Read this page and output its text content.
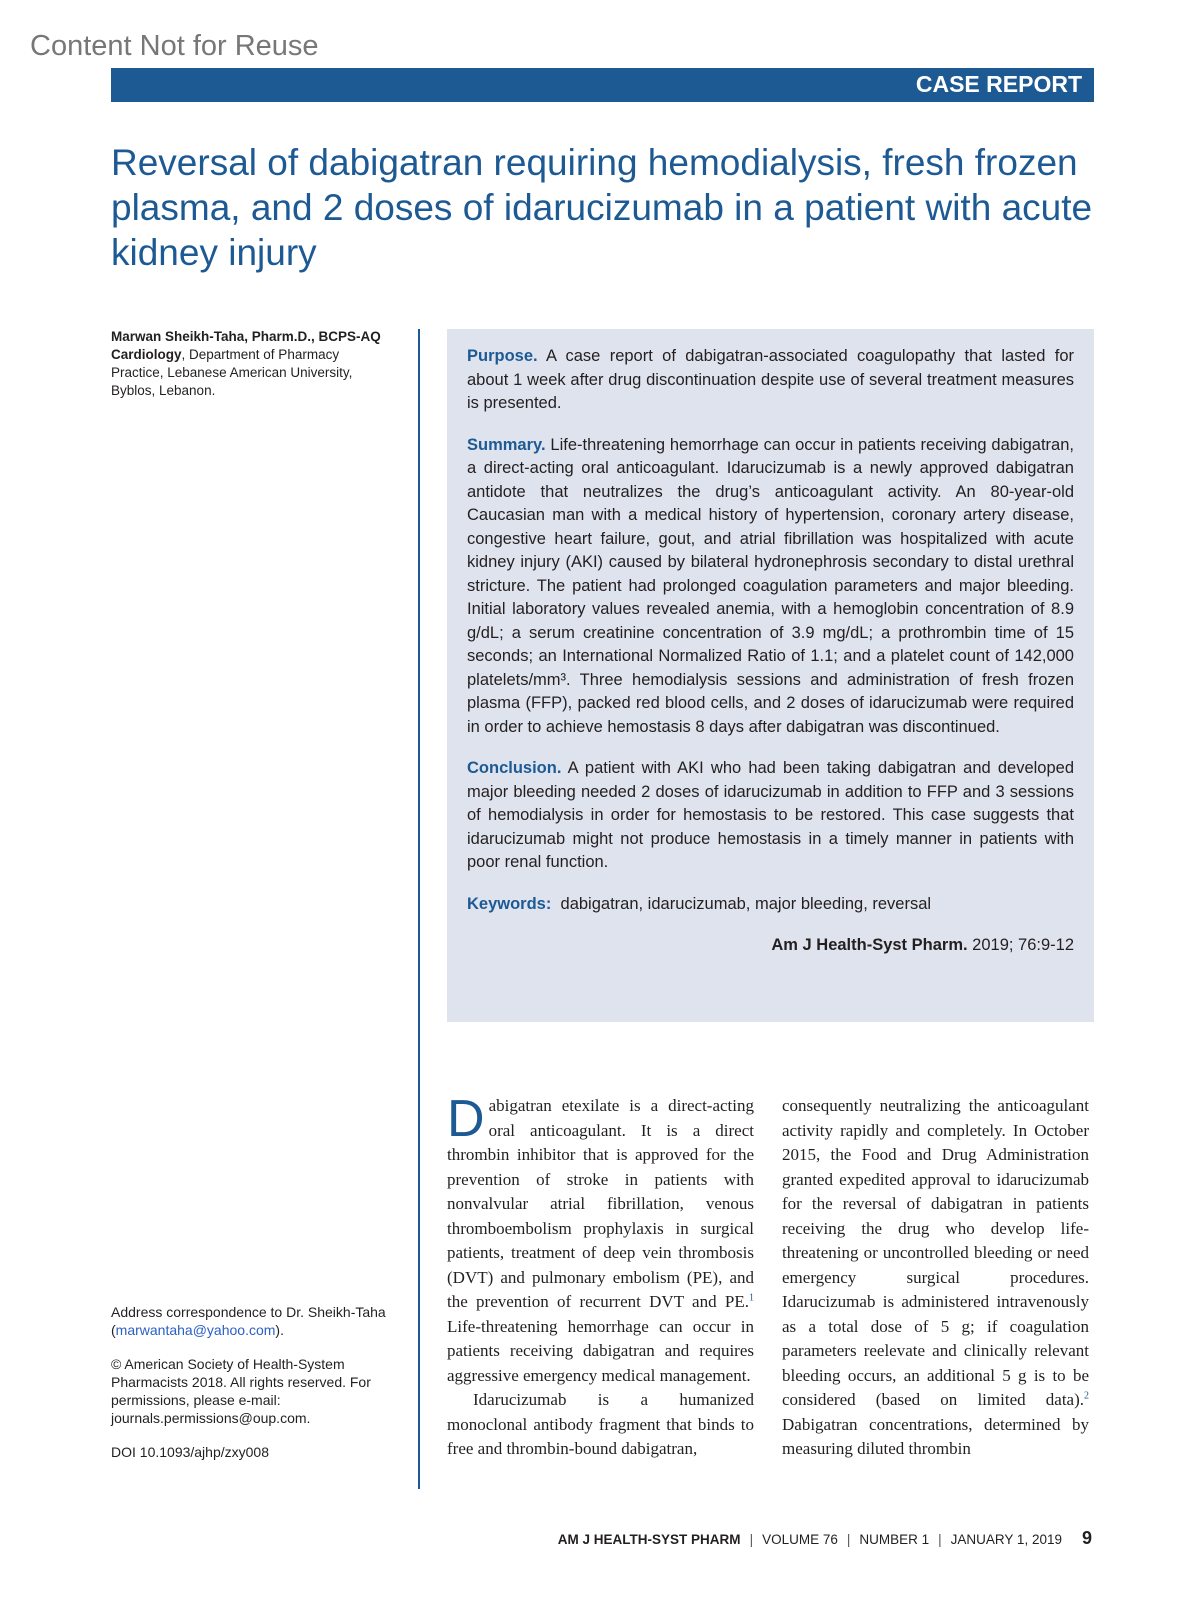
Content Not for Reuse
CASE REPORT
Reversal of dabigatran requiring hemodialysis, fresh frozen plasma, and 2 doses of idarucizumab in a patient with acute kidney injury
Marwan Sheikh-Taha, Pharm.D., BCPS-AQ Cardiology, Department of Pharmacy Practice, Lebanese American University, Byblos, Lebanon.

Purpose. A case report of dabigatran-associated coagulopathy that lasted for about 1 week after drug discontinuation despite use of several treatment measures is presented.

Summary. Life-threatening hemorrhage can occur in patients receiving dabigatran, a direct-acting oral anticoagulant. Idarucizumab is a newly approved dabigatran antidote that neutralizes the drug’s anticoagulant activity. An 80-year-old Caucasian man with a medical history of hypertension, coronary artery disease, congestive heart failure, gout, and atrial fibrillation was hospitalized with acute kidney injury (AKI) caused by bilateral hydronephrosis secondary to distal urethral stricture. The patient had prolonged coagulation parameters and major bleeding. Initial laboratory values revealed anemia, with a hemoglobin concentration of 8.9 g/dL; a serum creatinine concentration of 3.9 mg/dL; a prothrombin time of 15 seconds; an International Normalized Ratio of 1.1; and a platelet count of 142,000 platelets/mm³. Three hemodialysis sessions and administration of fresh frozen plasma (FFP), packed red blood cells, and 2 doses of idarucizumab were required in order to achieve hemostasis 8 days after dabigatran was discontinued.

Conclusion. A patient with AKI who had been taking dabigatran and developed major bleeding needed 2 doses of idarucizumab in addition to FFP and 3 sessions of hemodialysis in order for hemostasis to be restored. This case suggests that idarucizumab might not produce hemostasis in a timely manner in patients with poor renal function.

Keywords: dabigatran, idarucizumab, major bleeding, reversal

Am J Health-Syst Pharm. 2019; 76:9-12

Address correspondence to Dr. Sheikh-Taha (marwantaha@yahoo.com).

© American Society of Health-System Pharmacists 2018. All rights reserved. For permissions, please e-mail: journals.permissions@oup.com.

DOI 10.1093/ajhp/zxy008

Dabigatran etexilate is a direct-acting oral anticoagulant. It is a direct thrombin inhibitor that is approved for the prevention of stroke in patients with nonvalvular atrial fibrillation, venous thromboembolism prophylaxis in surgical patients, treatment of deep vein thrombosis (DVT) and pulmonary embolism (PE), and the prevention of recurrent DVT and PE.$^1$ Life-threatening hemorrhage can occur in patients receiving dabigatran and requires aggressive emergency medical management.

Idarucizumab is a humanized monoclonal antibody fragment that binds to free and thrombin-bound dabigatran,

AM J HEALTH-SYST PHARM | VOLUME 76 | NUMBER 1 | JANUARY 1, 2019 9

consequently neutralizing the anticoagulant activity rapidly and completely. In October 2015, the Food and Drug Administration granted expedited approval to idarucizumab for the reversal of dabigatran in patients receiving the drug who develop life-threatening or uncontrolled bleeding or need emergency surgical procedures. Idarucizumab is administered intravenously as a total dose of 5 g; if coagulation parameters reelevate and clinically relevant bleeding occurs, an additional 5 g is to be considered (based on limited data).$^2$ Dabigatran concentrations, determined by measuring diluted thrombin
